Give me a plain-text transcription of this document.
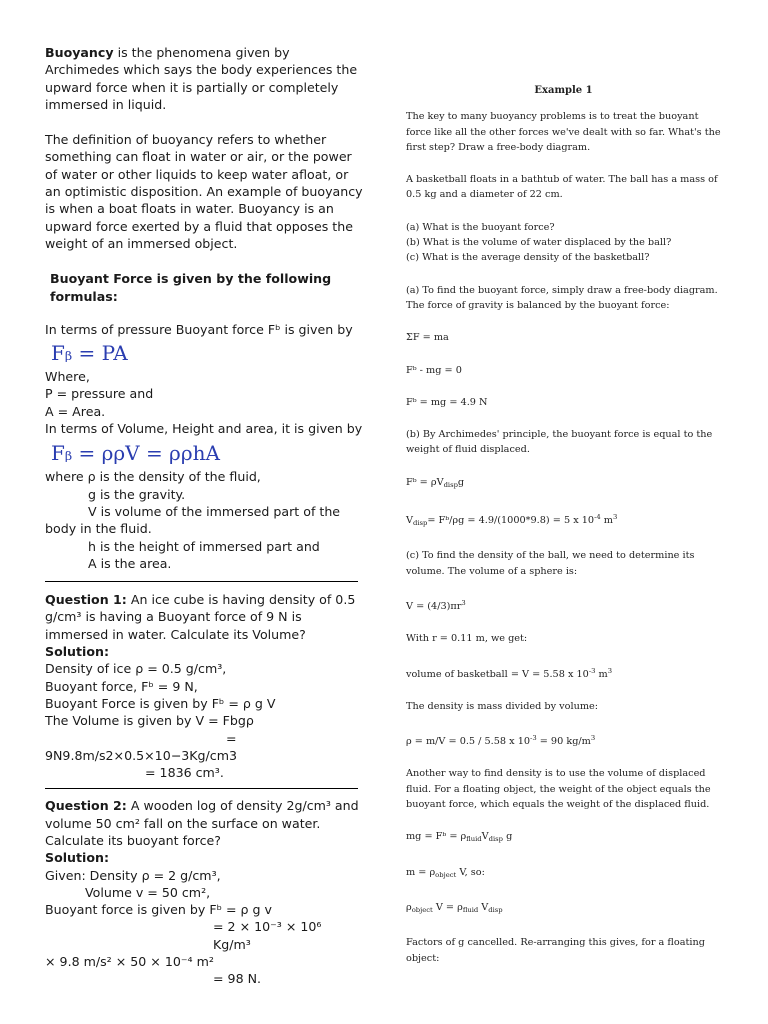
Buoyancy is the phenomena given by Archimedes which says the body experiences the upward force when it is partially or completely immersed in liquid.

The definition of buoyancy refers to whether something can float in water or air, or the power of water or other liquids to keep water afloat, or an optimistic disposition. An example of buoyancy is when a boat floats in water. Buoyancy is an upward force exerted by a fluid that opposes the weight of an immersed object.

Buoyant Force is given by the following formulas:

In terms of pressure Buoyant force Fᵇ is given by

Fᵦ = PA

Where,

P = pressure and

A = Area.

In terms of Volume, Height and area, it is given by

Fᵦ = ρρV = ρρhA

where ρ is the density of the fluid,

g is the gravity.

V is volume of the immersed part of the body in the fluid.

h is the height of immersed part and

A is the area.

Question 1: An ice cube is having density of 0.5 g/cm³ is having a Buoyant force of 9 N is immersed in water. Calculate its Volume?

Solution:

Density of ice ρ = 0.5 g/cm³,

Buoyant force, Fᵇ = 9 N,

Buoyant Force is given by Fᵇ = ρ g V

The Volume is given by V = Fbgρ

=

9N9.8m/s2×0.5×10−3Kg/cm3

= 1836 cm³.

Question 2: A wooden log of density 2g/cm³ and volume 50 cm² fall on the surface on water. Calculate its buoyant force?

Solution:

Given: Density ρ = 2 g/cm³,

Volume v = 50 cm²,

Buoyant force is given by Fᵇ = ρ g v

= 2 × 10⁻³ × 10⁶ Kg/m³

× 9.8 m/s² × 50 × 10⁻⁴ m²

= 98 N.

Example 1

The key to many buoyancy problems is to treat the buoyant force like all the other forces we've dealt with so far. What's the first step? Draw a free-body diagram.

A basketball floats in a bathtub of water. The ball has a mass of 0.5 kg and a diameter of 22 cm.

(a) What is the buoyant force?

(b) What is the volume of water displaced by the ball?

(c) What is the average density of the basketball?

(a) To find the buoyant force, simply draw a free-body diagram. The force of gravity is balanced by the buoyant force:

ΣF = ma

Fᵇ - mg = 0

Fᵇ = mg = 4.9 N

(b) By Archimedes' principle, the buoyant force is equal to the weight of fluid displaced.

Fᵇ = $\rho V_{disp}g$

$V_{disp}=$ Fᵇ/ρg = 4.9/(1000*9.8) = 5 x $10^{-4}$ $m^3$

(c) To find the density of the ball, we need to determine its volume. The volume of a sphere is:

$V = (4/3)\pi r^3$

With r = 0.11 m, we get:

volume of basketball = V = 5.58 x $10^{-3}$ $m^3$

The density is mass divided by volume:

ρ = m/V = 0.5 / 5.58 x $10^{-3} = 90$ $kg/m^3$

Another way to find density is to use the volume of displaced fluid. For a floating object, the weight of the object equals the buoyant force, which equals the weight of the displaced fluid.

mg = Fᵇ = $\rho_{fluid}V_{disp}$ g

$m = \rho_{object}$ V, so:

$\rho_{object}$ $V = \rho_{fluid}$ $V_{disp}$

Factors of g cancelled. Re-arranging this gives, for a floating object:
